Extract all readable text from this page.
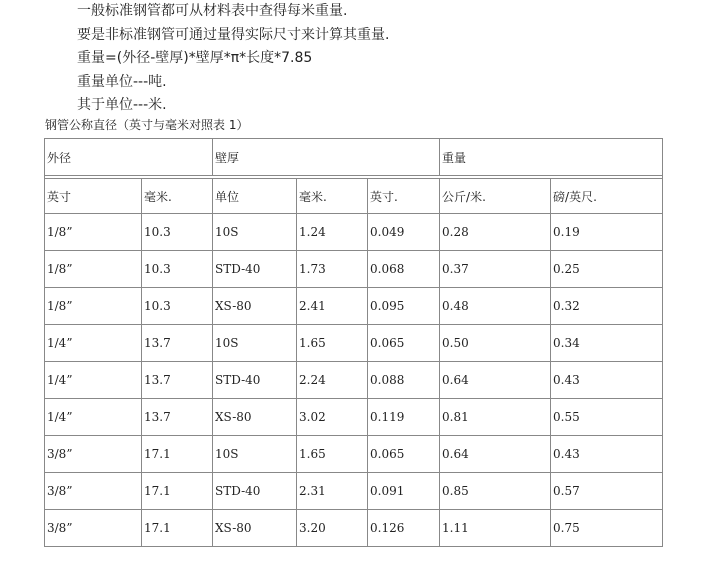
一般标准钢管都可从材料表中查得每米重量.
要是非标准钢管可通过量得实际尺寸来计算其重量.
重量=(外径-壁厚)*壁厚*π*长度*7.85
重量单位---吨.
其于单位---米.
钢管公称直径（英寸与毫米对照表 1）
外径		壁厚			重量	

英寸	毫米.	单位	毫米.	英寸.	公斤/米.	磅/英尺.
1/8”	10.3	10S	1.24	0.049	0.28	0.19
1/8”	10.3	STD-40	1.73	0.068	0.37	0.25
1/8”	10.3	XS-80	2.41	0.095	0.48	0.32
1/4”	13.7	10S	1.65	0.065	0.50	0.34
1/4”	13.7	STD-40	2.24	0.088	0.64	0.43
1/4”	13.7	XS-80	3.02	0.119	0.81	0.55
3/8”	17.1	10S	1.65	0.065	0.64	0.43
3/8”	17.1	STD-40	2.31	0.091	0.85	0.57
3/8”	17.1	XS-80	3.20	0.126	1.11	0.75
